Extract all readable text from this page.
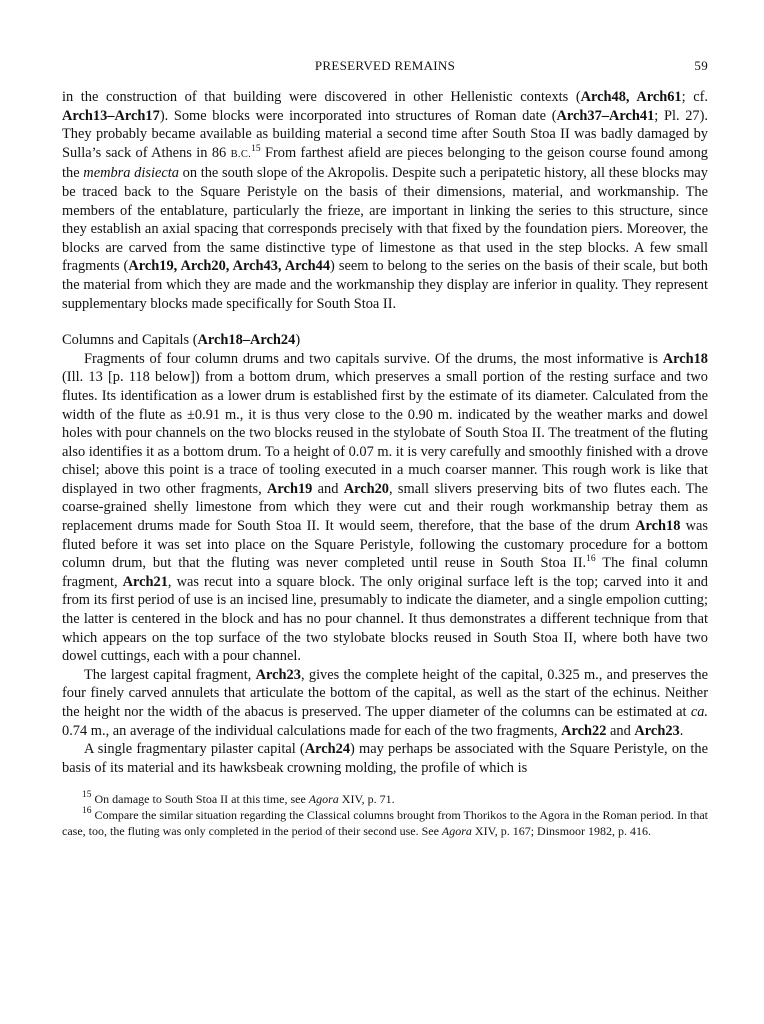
PRESERVED REMAINS	59

in the construction of that building were discovered in other Hellenistic contexts (Arch48, Arch61; cf. Arch13–Arch17). Some blocks were incorporated into structures of Roman date (Arch37–Arch41; Pl. 27). They probably became available as building material a second time after South Stoa II was badly damaged by Sulla’s sack of Athens in 86 B.C.$^{15}$ From farthest afield are pieces belonging to the geison course found among the membra disiecta on the south slope of the Akropolis. Despite such a peripatetic history, all these blocks may be traced back to the Square Peristyle on the basis of their dimensions, material, and workmanship. The members of the entablature, particularly the frieze, are important in linking the series to this structure, since they establish an axial spacing that corresponds precisely with that fixed by the foundation piers. Moreover, the blocks are carved from the same distinctive type of limestone as that used in the step blocks. A few small fragments (Arch19, Arch20, Arch43, Arch44) seem to belong to the series on the basis of their scale, but both the material from which they are made and the workmanship they display are inferior in quality. They represent supplementary blocks made specifically for South Stoa II.

Columns and Capitals (Arch18–Arch24)

Fragments of four column drums and two capitals survive. Of the drums, the most informative is Arch18 (Ill. 13 [p. 118 below]) from a bottom drum, which preserves a small portion of the resting surface and two flutes. Its identification as a lower drum is established first by the estimate of its diameter. Calculated from the width of the flute as ±0.91 m., it is thus very close to the 0.90 m. indicated by the weather marks and dowel holes with pour channels on the two blocks reused in the stylobate of South Stoa II. The treatment of the fluting also identifies it as a bottom drum. To a height of 0.07 m. it is very carefully and smoothly finished with a drove chisel; above this point is a trace of tooling executed in a much coarser manner. This rough work is like that displayed in two other fragments, Arch19 and Arch20, small slivers preserving bits of two flutes each. The coarse-grained shelly limestone from which they were cut and their rough workmanship betray them as replacement drums made for South Stoa II. It would seem, therefore, that the base of the drum Arch18 was fluted before it was set into place on the Square Peristyle, following the customary procedure for a bottom column drum, but that the fluting was never completed until reuse in South Stoa II.$^{16}$ The final column fragment, Arch21, was recut into a square block. The only original surface left is the top; carved into it and from its first period of use is an incised line, presumably to indicate the diameter, and a single empolion cutting; the latter is centered in the block and has no pour channel. It thus demonstrates a different technique from that which appears on the top surface of the two stylobate blocks reused in South Stoa II, where both have two dowel cuttings, each with a pour channel.

The largest capital fragment, Arch23, gives the complete height of the capital, 0.325 m., and preserves the four finely carved annulets that articulate the bottom of the capital, as well as the start of the echinus. Neither the height nor the width of the abacus is preserved. The upper diameter of the columns can be estimated at ca. 0.74 m., an average of the individual calculations made for each of the two fragments, Arch22 and Arch23.

A single fragmentary pilaster capital (Arch24) may perhaps be associated with the Square Peristyle, on the basis of its material and its hawksbeak crowning molding, the profile of which is

$^{15}$ On damage to South Stoa II at this time, see Agora XIV, p. 71.

$^{16}$ Compare the similar situation regarding the Classical columns brought from Thorikos to the Agora in the Roman period. In that case, too, the fluting was only completed in the period of their second use. See Agora XIV, p. 167; Dinsmoor 1982, p. 416.
